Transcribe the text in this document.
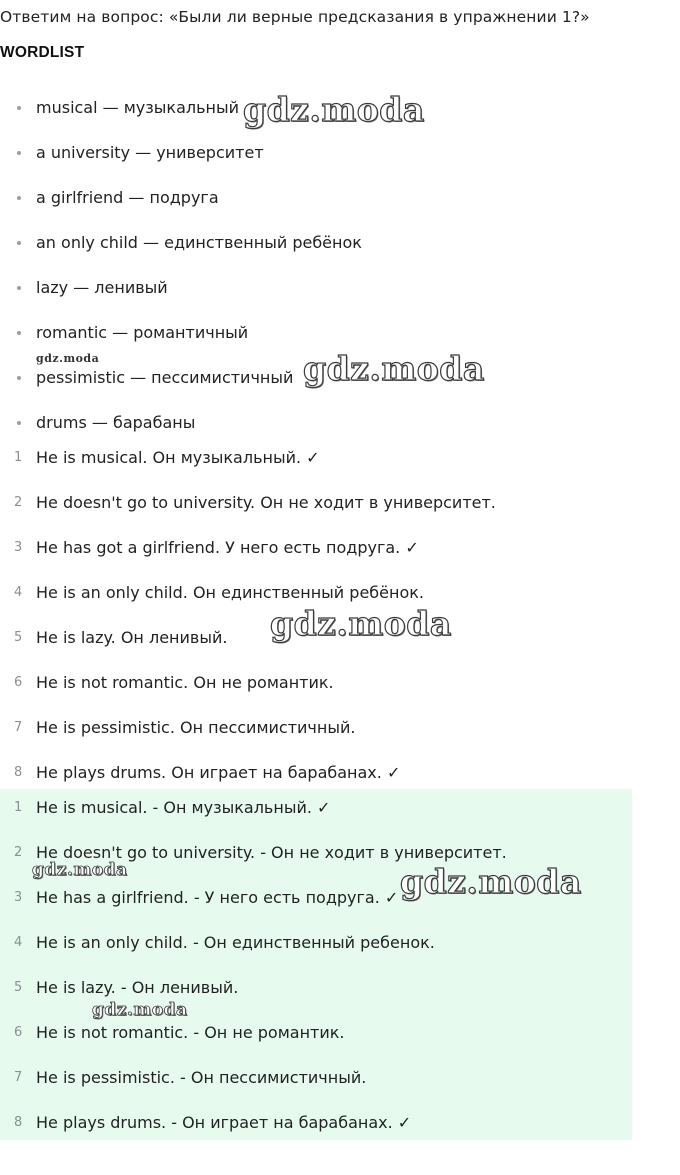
Ответим на вопрос: «Были ли верные предсказания в упражнении 1?»
WORDLIST
musical — музыкальный
a university — университет
a girlfriend — подруга
an only child — единственный ребёнок
lazy — ленивый
romantic — романтичный
pessimistic — пессимистичный
drums — барабаны
1 He is musical. Он музыкальный. ✓
2 He doesn't go to university. Он не ходит в университет.
3 He has got a girlfriend. У него есть подруга. ✓
4 He is an only child. Он единственный ребёнок.
5 He is lazy. Он ленивый.
6 He is not romantic. Он не романтик.
7 He is pessimistic. Он пессимистичный.
8 He plays drums. Он играет на барабанах. ✓
1 He is musical. - Он музыкальный. ✓
2 He doesn't go to university. - Он не ходит в университет.
3 He has a girlfriend. - У него есть подруга. ✓
4 He is an only child. - Он единственный ребенок.
5 He is lazy. - Он ленивый.
6 He is not romantic. - Он не романтик.
7 He is pessimistic. - Он пессимистичный.
8 He plays drums. - Он играет на барабанах. ✓
gdz.moda
gdz.moda	gdz.moda
gdz.moda
gdz.moda	gdz.moda
gdz.moda
